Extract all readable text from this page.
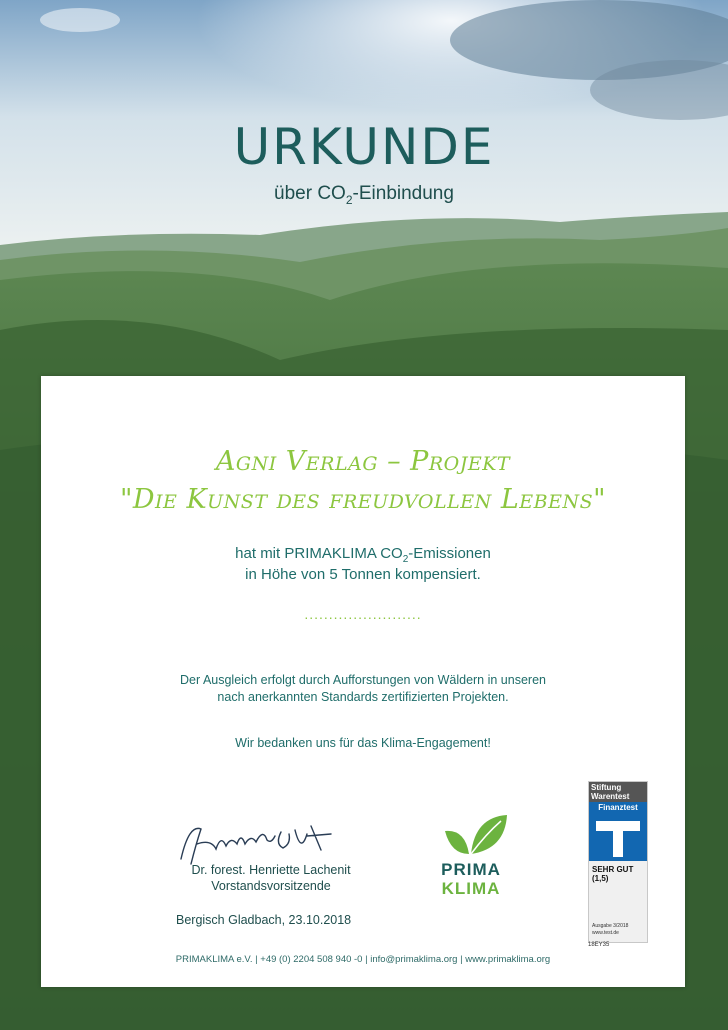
URKUNDE
über $CO_2$-Einbindung
Agni Verlag – Projekt
"Die Kunst des freudvollen Lebens"
hat mit PRIMAKLIMA $CO_2$-Emissionen
in Höhe von 5 Tonnen kompensiert.
........................
Der Ausgleich erfolgt durch Aufforstungen von Wäldern in unseren
nach anerkannten Standards zertifizierten Projekten.
Wir bedanken uns für das Klima-Engagement!
Dr. forest. Henriette Lachenit
Vorstandsvorsitzende
Bergisch Gladbach, 23.10.2018
PRIMA
KLIMA
Stiftung
Warentest
Finanztest
SEHR GUT
(1,5)
Ausgabe 3/2018
www.test.de
18EY35
PRIMAKLIMA e.V. | +49 (0) 2204 508 940 -0 | info@primaklima.org | www.primaklima.org
